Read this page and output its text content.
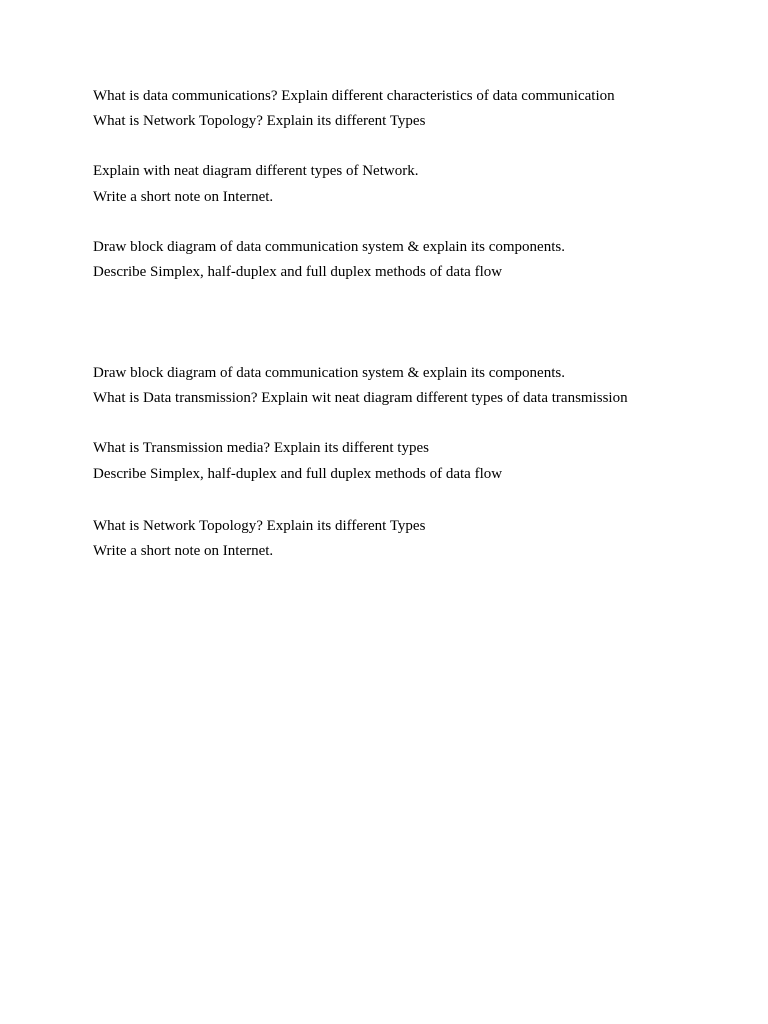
What is data communications? Explain different characteristics of data communication

What is Network Topology? Explain its different Types

Explain with neat diagram different types of Network.

Write a short note on Internet.

Draw block diagram of data communication system & explain its components.

Describe Simplex, half-duplex and full duplex methods of data flow

Draw block diagram of data communication system & explain its components.

What is Data transmission? Explain wit neat diagram different types of data transmission

What is Transmission media? Explain its different types

Describe Simplex, half-duplex and full duplex methods of data flow

What is Network Topology? Explain its different Types

Write a short note on Internet.
